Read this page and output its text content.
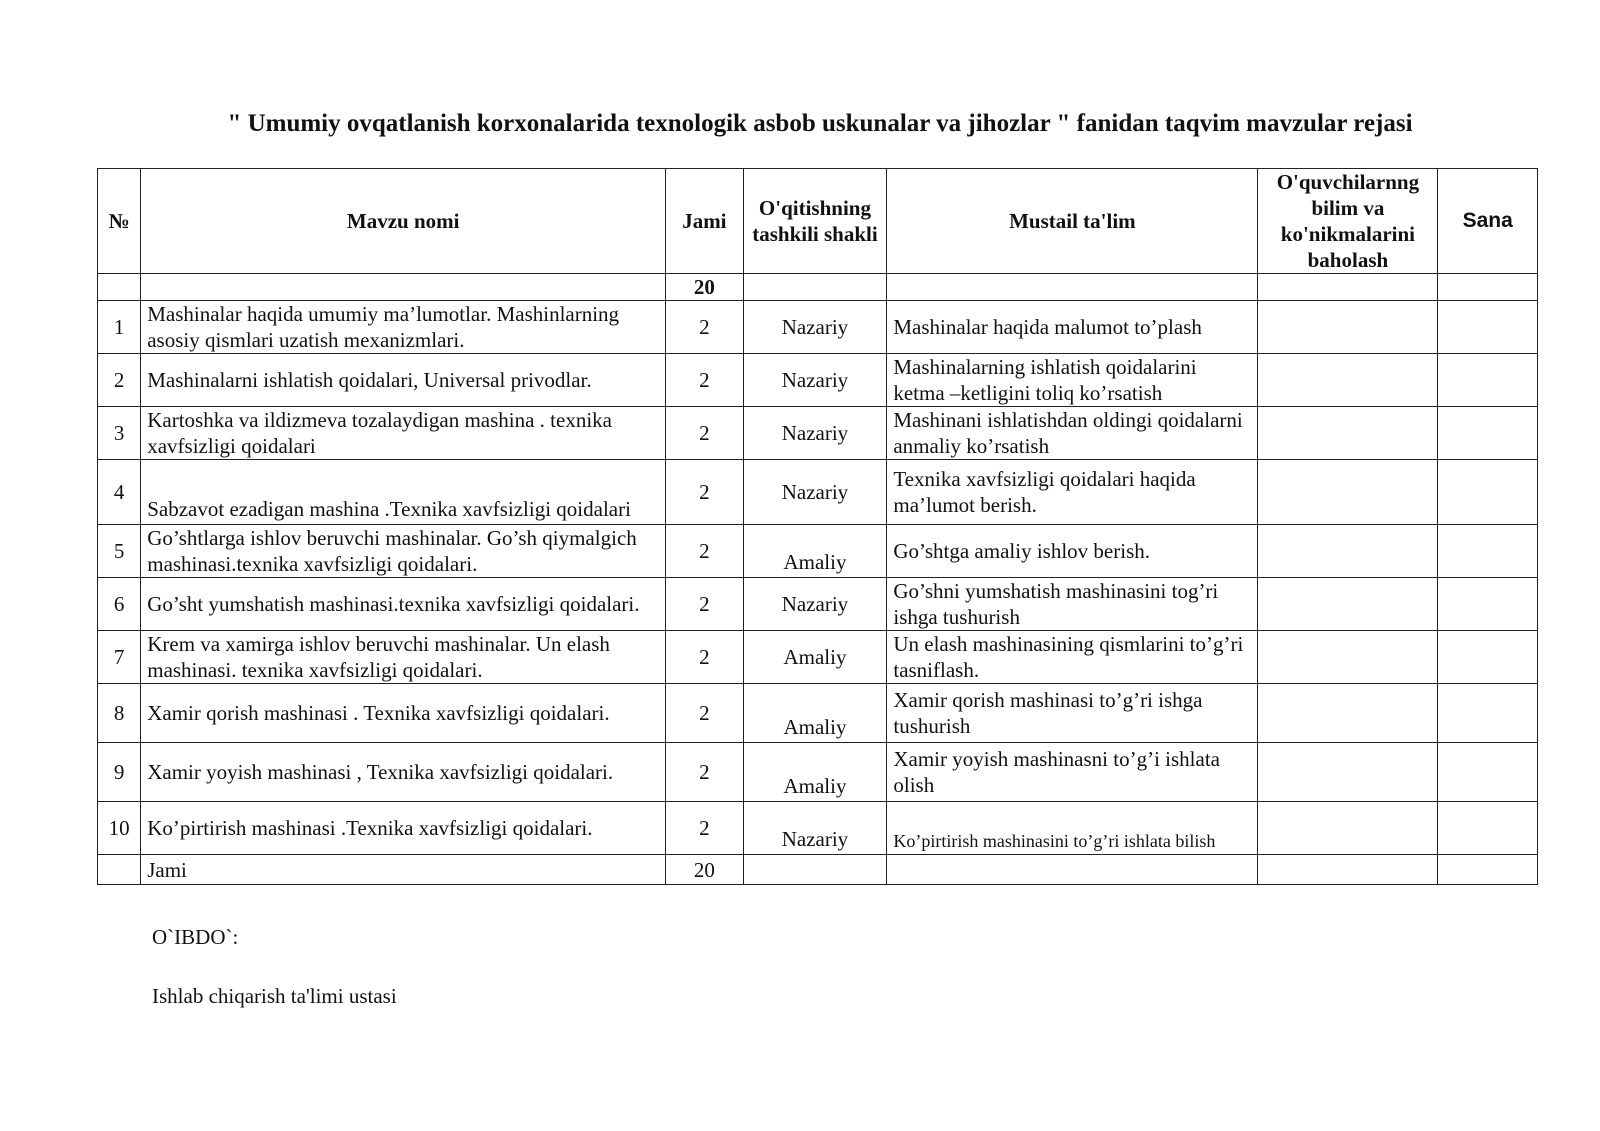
" Umumiy ovqatlanish korxonalarida texnologik asbob uskunalar va jihozlar " fanidan taqvim mavzular rejasi
№	Mavzu nomi	Jami	O'qitishning tashkili shakli	Mustail ta'lim	O'quvchilarnng bilim va ko'nikmalarini baholash	Sana
		20				
1	Mashinalar haqida umumiy ma’lumotlar. Mashinlarning asosiy qismlari uzatish mexanizmlari.	2	Nazariy	Mashinalar haqida malumot to’plash		
2	Mashinalarni ishlatish qoidalari, Universal privodlar.	2	Nazariy	Mashinalarning ishlatish qoidalarini ketma –ketligini toliq ko’rsatish		
3	Kartoshka va ildizmeva tozalaydigan mashina . texnika xavfsizligi qoidalari	2	Nazariy	Mashinani ishlatishdan oldingi qoidalarni anmaliy ko’rsatish		
4	Sabzavot ezadigan mashina .Texnika xavfsizligi qoidalari	2	Nazariy	Texnika xavfsizligi qoidalari haqida ma’lumot berish.		
5	Go’shtlarga ishlov beruvchi mashinalar. Go’sh qiymalgich mashinasi.texnika xavfsizligi qoidalari.	2	Amaliy	Go’shtga amaliy ishlov berish.		
6	Go’sht yumshatish mashinasi.texnika xavfsizligi qoidalari.	2	Nazariy	Go’shni yumshatish mashinasini tog’ri ishga tushurish		
7	Krem va xamirga ishlov beruvchi mashinalar. Un elash mashinasi. texnika xavfsizligi qoidalari.	2	Amaliy	Un elash mashinasining qismlarini to’g’ri tasniflash.		
8	Xamir qorish mashinasi . Texnika xavfsizligi qoidalari.	2	Amaliy	Xamir qorish mashinasi to’g’ri ishga tushurish		
9	Xamir yoyish mashinasi , Texnika xavfsizligi qoidalari.	2	Amaliy	Xamir yoyish mashinasni to’g’i ishlata olish		
10	Ko’pirtirish mashinasi .Texnika xavfsizligi qoidalari.	2	Nazariy	Ko’pirtirish mashinasini to’g’ri ishlata bilish		
	Jami	20				
O`IBDO`:
Ishlab chiqarish ta'limi ustasi
